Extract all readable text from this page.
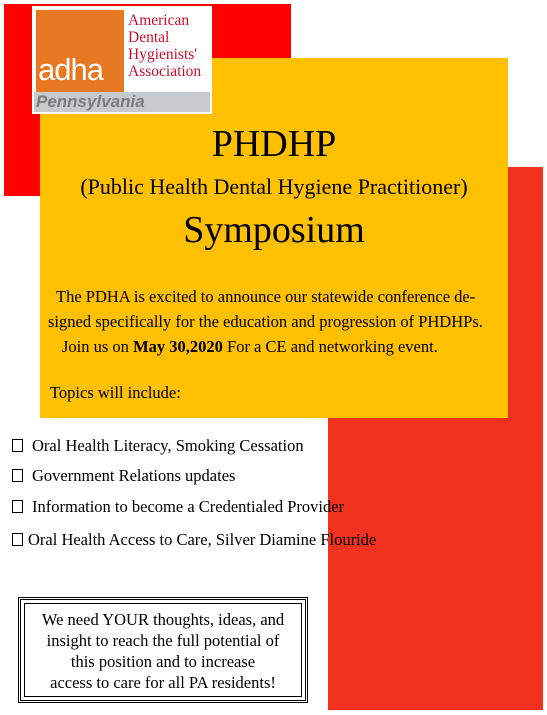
adha
American
Dental
Hygienists'
Association
Pennsylvania
PHDHP
(Public Health Dental Hygiene Practitioner)
Symposium
The PDHA is excited to announce our statewide conference de-
signed specifically for the education and progression of PHDHPs.
Join us on May 30,2020 For a CE and networking event.
Topics will include:
Oral Health Literacy, Smoking Cessation
Government Relations updates
Information to become a Credentialed Provider
Oral Health Access to Care, Silver Diamine Flouride
We need YOUR thoughts, ideas, and
insight to reach the full potential of
this position and to increase
access to care for all PA residents!
